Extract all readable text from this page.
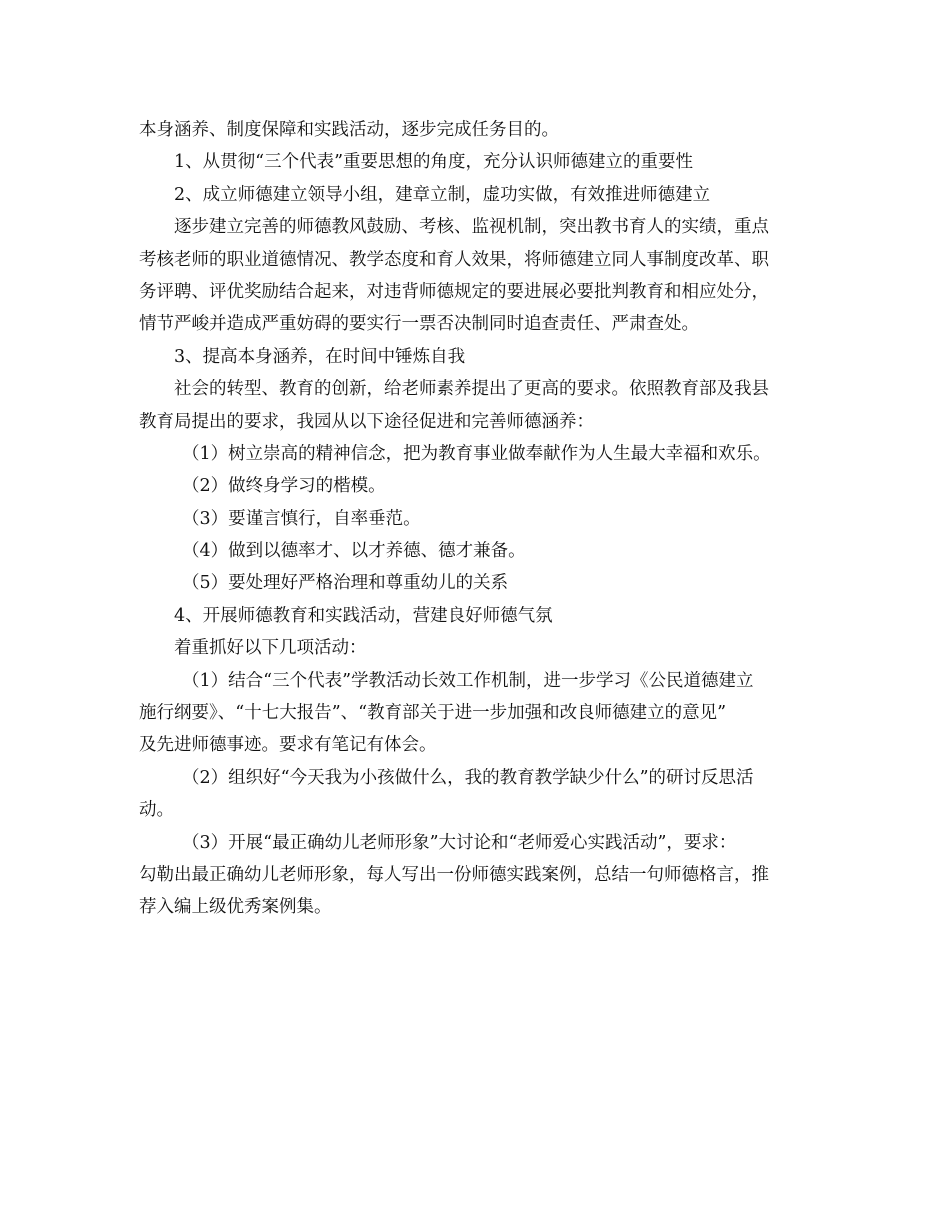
本身涵养、制度保障和实践活动，逐步完成任务目的。
1、从贯彻“三个代表”重要思想的角度，充分认识师德建立的重要性
2、成立师德建立领导小组，建章立制，虚功实做，有效推进师德建立
逐步建立完善的师德教风鼓励、考核、监视机制，突出教书育人的实绩，重点
考核老师的职业道德情况、教学态度和育人效果，将师德建立同人事制度改革、职
务评聘、评优奖励结合起来，对违背师德规定的要进展必要批判教育和相应处分，
情节严峻并造成严重妨碍的要实行一票否决制同时追查责任、严肃查处。
3、提高本身涵养，在时间中锤炼自我
社会的转型、教育的创新，给老师素养提出了更高的要求。依照教育部及我县
教育局提出的要求，我园从以下途径促进和完善师德涵养：
（1）树立崇高的精神信念，把为教育事业做奉献作为人生最大幸福和欢乐。
（2）做终身学习的楷模。
（3）要谨言慎行，自率垂范。
（4）做到以德率才、以才养德、德才兼备。
（5）要处理好严格治理和尊重幼儿的关系
4、开展师德教育和实践活动，营建良好师德气氛
着重抓好以下几项活动：
（1）结合“三个代表”学教活动长效工作机制，进一步学习《公民道德建立
施行纲要》、“十七大报告”、“教育部关于进一步加强和改良师德建立的意见”
及先进师德事迹。要求有笔记有体会。
（2）组织好“今天我为小孩做什么，我的教育教学缺少什么”的研讨反思活
动。
（3）开展“最正确幼儿老师形象”大讨论和“老师爱心实践活动”，要求：
勾勒出最正确幼儿老师形象，每人写出一份师德实践案例，总结一句师德格言，推
荐入编上级优秀案例集。
